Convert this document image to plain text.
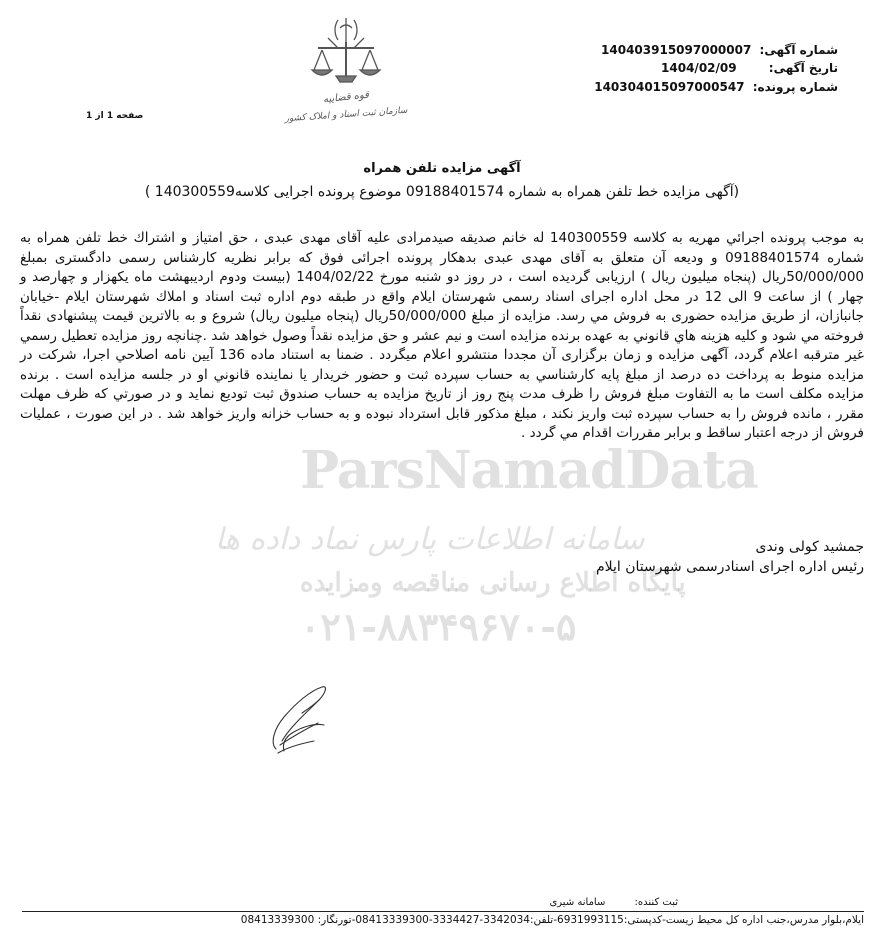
قوه قضاییه
سازمان ثبت اسناد و املاک کشور
شماره آگهی: 140403915097000007
تاریخ آگهی: 1404/02/09
شماره پرونده: 140304015097000547
صفحه 1 از 1
ParsNamadData
سامانه اطلاعات پارس نماد داده ها
پایگاه اطلاع رسانی مناقصه ومزایده
۰۲۱-۸۸۳۴۹۶۷۰-۵
آگهی مزایده تلفن همراه
(آگهی مزایده خط تلفن همراه به شماره 09188401574 موضوع پرونده اجرایی کلاسه140300559 )
به موجب پرونده اجرائي مهريه به كلاسه 140300559 له خانم صديقه صيدمرادی عليه آقاى مهدی عبدی ، حق امتياز و اشتراك خط تلفن همراه به شماره 09188401574 و وديعه آن متعلق به آقاى مهدی عبدی بدهكار پرونده اجرائی فوق كه برابر نظريه كارشناس رسمی دادگستری بمبلغ 50/000/000ريال (پنجاه ميليون ريال ) ارزيابى گرديده است ، در روز دو شنبه مورخ 1404/02/22 (بيست ودوم ارديبهشت ماه يكهزار و چهارصد و چهار ) از ساعت 9 الی 12 در محل اداره اجرای اسناد رسمی شهرستان ايلام واقع در طبقه دوم اداره ثبت اسناد و املاك شهرستان ايلام -خيابان جانبازان، از طريق مزايده حضوری به فروش مي رسد. مزايده از مبلغ 50/000/000ريال (پنجاه ميليون ريال) شروع و به بالاترين قيمت پيشنهادی نقداً فروخته مي شود و كليه هزينه هاي قانوني به عهده برنده مزايده است و نيم عشر و حق مزايده نقداً وصول خواهد شد .چنانچه روز مزايده تعطيل رسمي غير مترقبه اعلام گردد، آگهی مزايده و زمان برگزاری آن مجددا منتشرو اعلام ميگردد . ضمنا به استناد ماده 136 آيين نامه اصلاحي اجرا، شركت در مزايده منوط به پرداخت ده درصد از مبلغ پايه كارشناسي به حساب سپرده ثبت و حضور خريدار يا نماينده قانوني او در جلسه مزايده است . برنده مزايده مكلف است ما به التفاوت مبلغ فروش را ظرف مدت پنج روز از تاريخ مزايده به حساب صندوق ثبت توديع نمايد و در صورتي كه ظرف مهلت مقرر ، مانده فروش را به حساب سپرده ثبت واريز نكند ، مبلغ مذكور قابل استرداد نبوده و به حساب خزانه واريز خواهد شد . در اين صورت ، عمليات فروش از درجه اعتبار ساقط و برابر مقررات اقدام مي گردد .
جمشيد كولی وندی
رئيس اداره اجرای اسنادرسمی شهرستان ايلام
ثبت کننده: سامانه شیری
ایلام،بلوار مدرس،جنب اداره کل محیط زیست-کدپستی:6931993115-تلفن:3342034-3334427-08413339300-تورنگار: 08413339300
